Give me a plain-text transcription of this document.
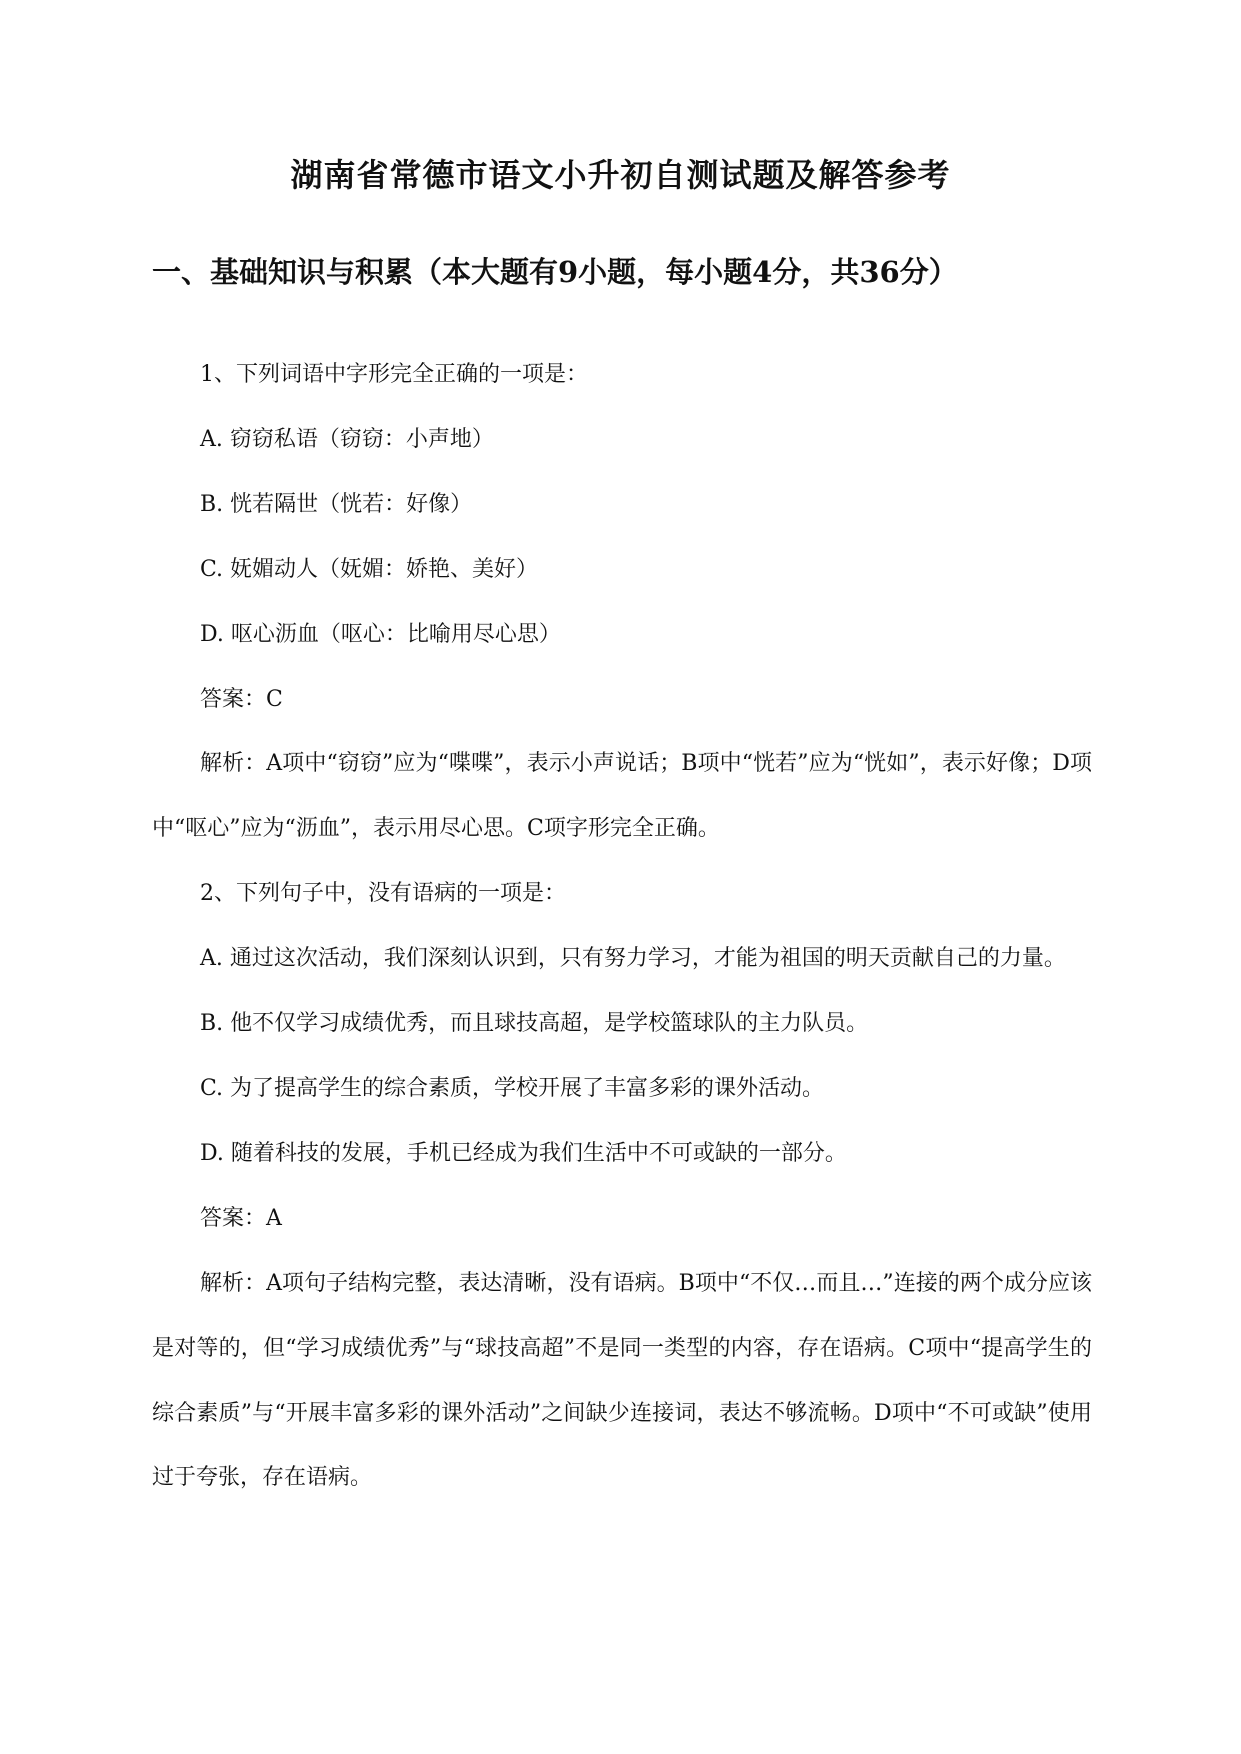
湖南省常德市语文小升初自测试题及解答参考
一、基础知识与积累（本大题有9小题，每小题4分，共36分）

1、下列词语中字形完全正确的一项是：

A. 窃窃私语（窃窃：小声地）

B. 恍若隔世（恍若：好像）

C. 妩媚动人（妩媚：娇艳、美好）

D. 呕心沥血（呕心：比喻用尽心思）

答案：C

解析：A项中“窃窃”应为“喋喋”，表示小声说话；B项中“恍若”应为“恍如”，表示好像；D项中“呕心”应为“沥血”，表示用尽心思。C项字形完全正确。

2、下列句子中，没有语病的一项是：

A. 通过这次活动，我们深刻认识到，只有努力学习，才能为祖国的明天贡献自己的力量。

B. 他不仅学习成绩优秀，而且球技高超，是学校篮球队的主力队员。

C. 为了提高学生的综合素质，学校开展了丰富多彩的课外活动。

D. 随着科技的发展，手机已经成为我们生活中不可或缺的一部分。

答案：A

解析：A项句子结构完整，表达清晰，没有语病。B项中“不仅…而且…”连接的两个成分应该是对等的，但“学习成绩优秀”与“球技高超”不是同一类型的内容，存在语病。C项中“提高学生的综合素质”与“开展丰富多彩的课外活动”之间缺少连接词，表达不够流畅。D项中“不可或缺”使用过于夸张，存在语病。
